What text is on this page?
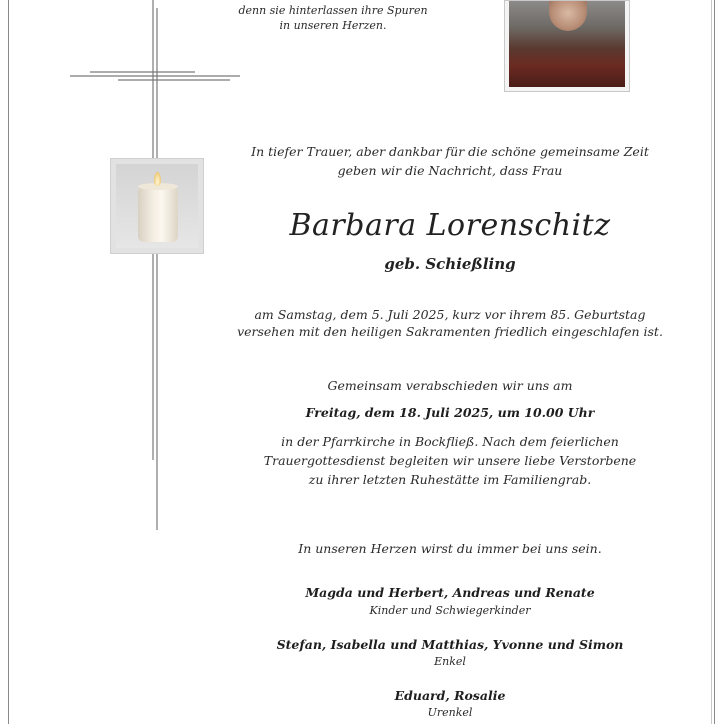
denn sie hinterlassen ihre Spuren
in unseren Herzen.
In tiefer Trauer, aber dankbar für die schöne gemeinsame Zeit
geben wir die Nachricht, dass Frau
Barbara Lorenschitz
geb. Schießling
am Samstag, dem 5. Juli 2025, kurz vor ihrem 85. Geburtstag
versehen mit den heiligen Sakramenten friedlich eingeschlafen ist.
Gemeinsam verabschieden wir uns am
Freitag, dem 18. Juli 2025, um 10.00 Uhr
in der Pfarrkirche in Bockfließ. Nach dem feierlichen
Trauergottesdienst begleiten wir unsere liebe Verstorbene
zu ihrer letzten Ruhestätte im Familiengrab.
In unseren Herzen wirst du immer bei uns sein.
Magda und Herbert, Andreas und Renate
Kinder und Schwiegerkinder
Stefan, Isabella und Matthias, Yvonne und Simon
Enkel
Eduard, Rosalie
Urenkel
